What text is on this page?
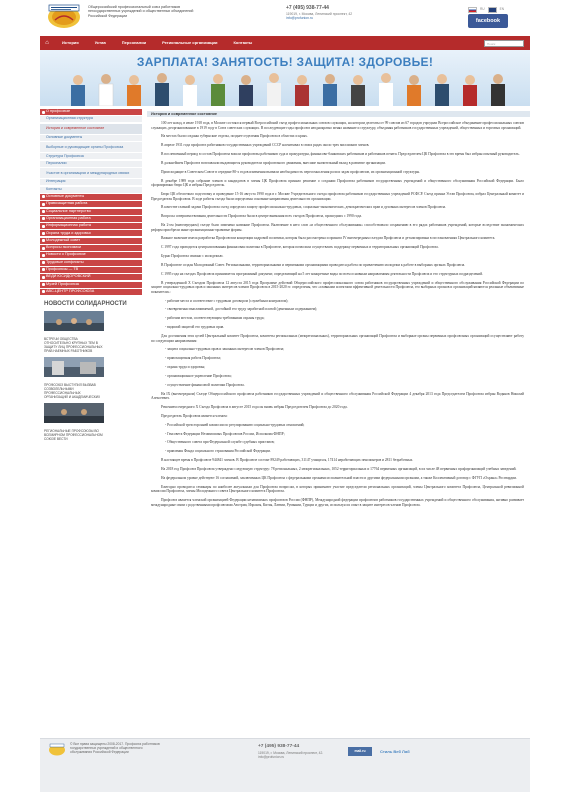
Общероссийский профессиональный союз работников негосударственных учреждений и общественных объединений Российской Федерации
+7 (495) 938-77-44
119019, г. Москва, Ленинский проспект, 42
info@profunion.ru
RU	EN
facebook
⌂	История	Устав	Персоналии	Региональные организации	Контакты	Поиск
ЗАРПЛАТА! ЗАНЯТОСТЬ! ЗАЩИТА! ЗДОРОВЬЕ!
О профсоюзе
Организационная структура
История и современное состояние
Основные документы
Выборные и руководящие органы Профсоюза
Структура Профсоюза
Персоналии
Участие в организациях и международных связях
Интеграция
Контакты
Основные документы
Правозащитная работа
Социальное партнерство
Организационная работа
Информационная работа
Охрана труда и здоровья
Молодежный совет
Вопросы экономики
Новости о Профсоюзе
Трудовые конфликты
Профсоюзы — ТВ
ВЕДИ ЮСИДОРОВСКИЙ
Музей Профсоюза
АВС-ЦЕНТР ПРОФСОЮЗА
НОВОСТИ СОЛИДАРНОСТИ
ВСТРЕЧИ ОБЩЕСТВА ОТНОСИТЕЛЬНО КРУПНЫХ ТЕМ В ЗАЩИТУ ЛИЦ ПРОФЕССИОНАЛЬНЫХ ПРАВ НАЕМНЫХ РАБОТНИКОВ
ПРОФСОЮЗ ВЫСТУПИЛ ВЫЗВАВ СОЗВОЛЕЛЬНЫМИ ПРОФЕССИОНАЛЬНЫХ ОРГАНИЗАЦИЙ И АКАДЕМИЧЕСКИХ
РЕГИОНАЛЬНЫЕ ПРОФСОЮЗЫ ВО ВСЕМИРНОМ ПРОФЕССИОНАЛЬНОМ СОЮЗЕ ВЕСТИ
История и современное состояние

100 лет назад, в июле 1918 года, в Москве состоялся первый Всероссийский съезд профессиональных союзов служащих, на котором делегаты от 99 союзов из 67 городов учредили Всероссийское объединение профессиональных союзов служащих, реорганизованное в 1919 году в Союз советских служащих. В последующие годы профсоюз неоднократно менял название и структуру, объединяя работников государственных учреждений, общественных и торговых организаций.

На местах были созданы губернские отделы, позднее отделения Профсоюза в областях и краях.

В апреле 1931 года профсоюз работников государственных учреждений СССР насчитывал в своих рядах около трех миллионов членов.

В послевоенный период в состав Профсоюза вошли профсоюзы работников суда и прокуратуры, финансово-банковских работников и работников печати. Председателем ЦК Профсоюза в это время был избран опытный руководитель.

В дальнейшем Профсоюз возглавляли выдающиеся руководители профсоюзного движения, внесшие значительный вклад в развитие организации.

Происходящие в Советском Союзе в середине 80-х годов изменения вызвали необходимость переосмысления роли и задач профсоюзов, их организационной структуры.

В декабре 1989 года собрание членов и кандидатов в члены ЦК Профсоюза приняло решение о создании Профсоюза работников государственных учреждений и общественного обслуживания Российской Федерации. Было сформировано бюро ЦК и избран Председатель.

Бюро ЦК обеспечило подготовку и проведение 15-16 августа 1990 года в г. Москве Учредительного съезда профсоюза работников государственных учреждений РСФСР. Съезд принял Устав Профсоюза, избрал Центральный комитет и Председателя Профсоюза. В ходе работы съезда были определены основные направления деятельности организации.

В качестве главной задачи Профсоюза съезд определил защиту профессионально-трудовых, социально-экономических, демократических прав и духовных интересов членов Профсоюза.

Вопросы совершенствования деятельности Профсоюза были в центре внимания всех съездов Профсоюза, прошедших с 1990 года.

На 2-ом (внеочередном) съезде было изменено название Профсоюза. Включение в него слов «и общественного обслуживания» способствовало сохранению в его рядах работников учреждений, которые вследствие экономических реформ приобрели иные организационно-правовые формы.

Важное значение имела разработка Профсоюзом концепции кадровой политики, которая была рассмотрена и принята IV внеочередным съездом Профсоюза и детализирована в постановлениях Центрального комитета.

С 1997 года проводится централизованная финансовая политика в Профсоюзе, которая позволила осуществлять поддержку первичных и территориальных организаций Профсоюза.

Бурно Профсоюза связано с молодежью.

В Профсоюзе создан Молодежный Совет. Региональными, территориальными и первичными организациями проводится работа по привлечению молодежи к работе в выборных органах Профсоюза.

С 1995 года на съездах Профсоюза принимается программный документ, определяющий на 5 лет конкретные виды по всем основным направлениям деятельности Профсоюза и его структурных подразделений.

В утвержденной X Съездом Профсоюза 12 августа 2015 года Программе действий Общероссийского профессионального союза работников государственных учреждений и общественного обслуживания Российской Федерации по защите социально-трудовых прав и законных интересов членов Профсоюза в 2015-2020 гг. определены, что «главными аспектами эффективной деятельности Профсоюза, его выборных органов и организаций являются реальные объективные показатели»:

- рабочие места и соответствие с трудовым договором (служебным контрактом);

- своевременно выплачиваемой, достойной его труду заработной платой (денежным содержанием);

- рабочим местом, соответствующим требованиям охраны труда;

- видимой защитой его трудовых прав.

Для достижения этих целей Центральный комитет Профсоюза, комитеты региональных (межрегиональных), территориальных организаций Профсоюза и выборные органы первичных профсоюзных организаций осуществляют работу по следующим направлениям:

- защита социально-трудовых прав и законных интересов членов Профсоюза;

- правозащитная работа Профсоюза;

- охрана труда и здоровья;

- организационное укрепление Профсоюза;

- осуществление финансовой политики Профсоюза.

На IX (внеочередном) Съезде Общероссийского профсоюза работников государственных учреждений и общественного обслуживания Российской Федерации 4 декабря 2013 года Председателем Профсоюза избран Водянов Николай Алексеевич.

Решением очередного X Съезда Профсоюза в августе 2015 года он вновь избран Председателем Профсоюза до 2020 года.

Председатель Профсоюза является членом:

- Российской трехсторонней комиссии по регулированию социально-трудовых отношений;

- Генсовета Федерации Независимых Профсоюзов России, Исполкома ФНПР;

- Общественного совета при Федеральной службе судебных приставов;

- правления Фонда социального страхования Российской Федерации.

В настоящее время в Профсоюзе 944841 членов. В Профсоюзе состоят 89249 работающих, 31147 учащихся, 17414 неработающих пенсионеров и 2811 безработных.

На 2018 год Профсоюз Профсоюза утверждено следующую структуру: 78 региональных, 2 межрегиональных, 1052 территориальных и 17764 первичных организаций, в их числе 48 первичных профорганизаций учебных заведений.

На федеральном уровне действуют 16 соглашений, заключенных ЦК Профсоюза с федеральными органами исполнительной власти и другими федеральными органами, а также Коллективный договор с ФГУП «Охрана» Росгвардии.

Ежегодно проводятся семинары по наиболее актуальным для Профсоюза вопросам, в которых принимают участие председатели региональных организаций, члены Центрального комитета Профсоюза, Центральной ревизионной комиссии Профсоюза, члены Молодежного совета Центрального комитета Профсоюза.

Профсоюз является членской организацией Федерации независимых профсоюзов России (ФНПР), Международной федерации профсоюзов работников государственных учреждений и общественного обслуживания, активно развивает международные связи с родственными профсоюзами Австрии, Израиля, Китая, Латвии, Румынии, Турции и других, используя их опыт в защите интересов членов Профсоюза.

© Все права защищены 2008-2017. Профсоюз работников государственных учреждений и общественного обслуживания Российской Федерации
+7 (495) 938-77-44
119019, г. Москва, Ленинский проспект, 42. info@profunion.ru
mail.ru	Стиль Веб Лаб
